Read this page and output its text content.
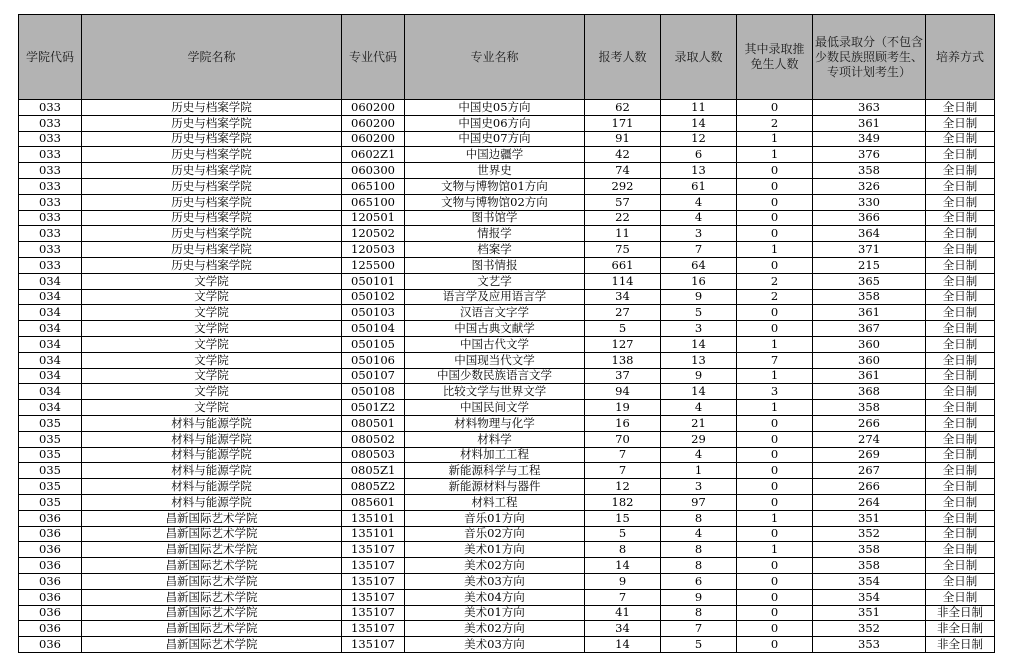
学院代码	学院名称	专业代码	专业名称	报考人数	录取人数	其中录取推免生人数	最低录取分（不包含少数民族照顾考生、专项计划考生）	培养方式
033	历史与档案学院	060200	中国史05方向	62	11	0	363	全日制
033	历史与档案学院	060200	中国史06方向	171	14	2	361	全日制
033	历史与档案学院	060200	中国史07方向	91	12	1	349	全日制
033	历史与档案学院	0602Z1	中国边疆学	42	6	1	376	全日制
033	历史与档案学院	060300	世界史	74	13	0	358	全日制
033	历史与档案学院	065100	文物与博物馆01方向	292	61	0	326	全日制
033	历史与档案学院	065100	文物与博物馆02方向	57	4	0	330	全日制
033	历史与档案学院	120501	图书馆学	22	4	0	366	全日制
033	历史与档案学院	120502	情报学	11	3	0	364	全日制
033	历史与档案学院	120503	档案学	75	7	1	371	全日制
033	历史与档案学院	125500	图书情报	661	64	0	215	全日制
034	文学院	050101	文艺学	114	16	2	365	全日制
034	文学院	050102	语言学及应用语言学	34	9	2	358	全日制
034	文学院	050103	汉语言文字学	27	5	0	361	全日制
034	文学院	050104	中国古典文献学	5	3	0	367	全日制
034	文学院	050105	中国古代文学	127	14	1	360	全日制
034	文学院	050106	中国现当代文学	138	13	7	360	全日制
034	文学院	050107	中国少数民族语言文学	37	9	1	361	全日制
034	文学院	050108	比较文学与世界文学	94	14	3	368	全日制
034	文学院	0501Z2	中国民间文学	19	4	1	358	全日制
035	材料与能源学院	080501	材料物理与化学	16	21	0	266	全日制
035	材料与能源学院	080502	材料学	70	29	0	274	全日制
035	材料与能源学院	080503	材料加工工程	7	4	0	269	全日制
035	材料与能源学院	0805Z1	新能源科学与工程	7	1	0	267	全日制
035	材料与能源学院	0805Z2	新能源材料与器件	12	3	0	266	全日制
035	材料与能源学院	085601	材料工程	182	97	0	264	全日制
036	昌新国际艺术学院	135101	音乐01方向	15	8	1	351	全日制
036	昌新国际艺术学院	135101	音乐02方向	5	4	0	352	全日制
036	昌新国际艺术学院	135107	美术01方向	8	8	1	358	全日制
036	昌新国际艺术学院	135107	美术02方向	14	8	0	358	全日制
036	昌新国际艺术学院	135107	美术03方向	9	6	0	354	全日制
036	昌新国际艺术学院	135107	美术04方向	7	9	0	354	全日制
036	昌新国际艺术学院	135107	美术01方向	41	8	0	351	非全日制
036	昌新国际艺术学院	135107	美术02方向	34	7	0	352	非全日制
036	昌新国际艺术学院	135107	美术03方向	14	5	0	353	非全日制
